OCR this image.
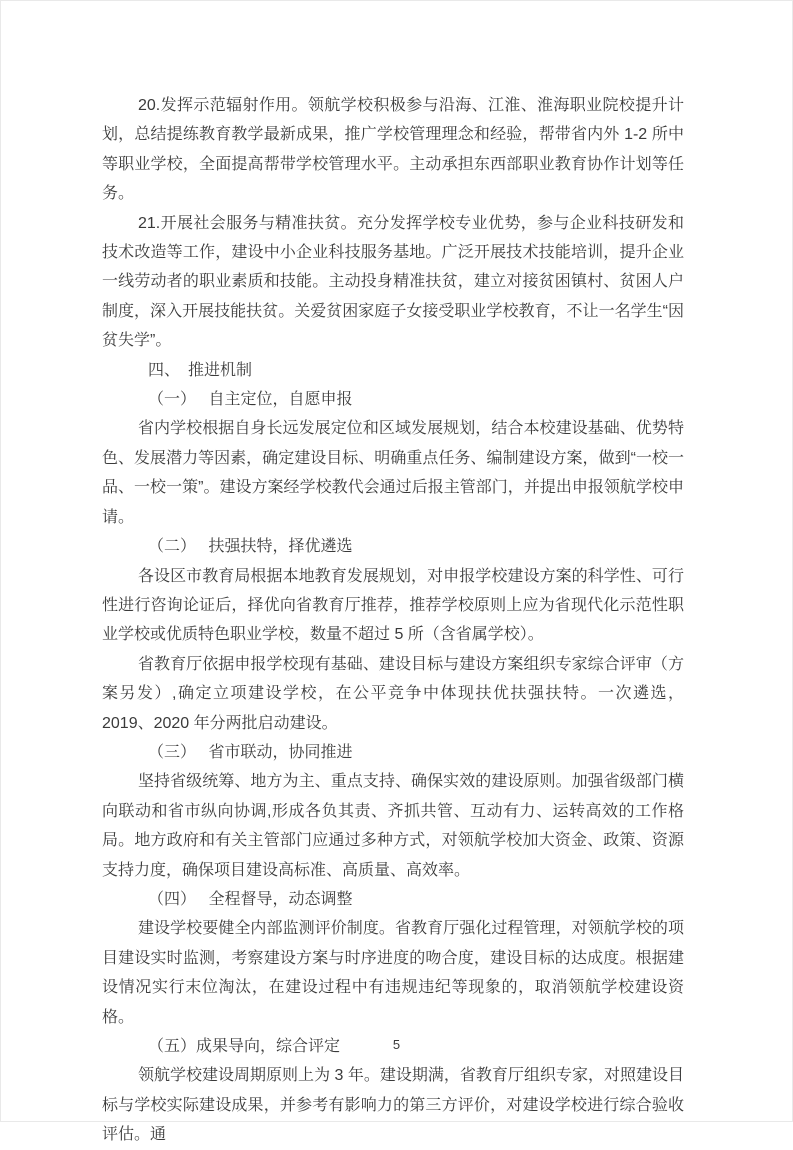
20.发挥示范辐射作用。领航学校积极参与沿海、江淮、淮海职业院校提升计划，总结提练教育教学最新成果，推广学校管理理念和经验，帮带省内外 1-2 所中等职业学校，全面提高帮带学校管理水平。主动承担东西部职业教育协作计划等任务。

21.开展社会服务与精准扶贫。充分发挥学校专业优势，参与企业科技研发和技术改造等工作，建设中小企业科技服务基地。广泛开展技术技能培训，提升企业一线劳动者的职业素质和技能。主动投身精准扶贫，建立对接贫困镇村、贫困人户制度，深入开展技能扶贫。关爱贫困家庭子女接受职业学校教育，不让一名学生“因贫失学”。

四、　推进机制

（一）　 自主定位，自愿申报

省内学校根据自身长远发展定位和区域发展规划，结合本校建设基础、优势特色、发展潜力等因素，确定建设目标、明确重点任务、编制建设方案，做到“一校一品、一校一策”。建设方案经学校教代会通过后报主管部门，并提出申报领航学校申请。

（二）　 扶强扶特，择优遴选

各设区市教育局根据本地教育发展规划，对申报学校建设方案的科学性、可行性进行咨询论证后，择优向省教育厅推荐，推荐学校原则上应为省现代化示范性职业学校或优质特色职业学校，数量不超过 5 所（含省属学校）。

省教育厅依据申报学校现有基础、建设目标与建设方案组织专家综合评审（方案另发）,确定立项建设学校，在公平竞争中体现扶优扶强扶特。一次遴选，2019、2020 年分两批启动建设。

（三）　 省市联动，协同推进

坚持省级统筹、地方为主、重点支持、确保实效的建设原则。加强省级部门横向联动和省市纵向协调,形成各负其责、齐抓共管、互动有力、运转高效的工作格局。地方政府和有关主管部门应通过多种方式，对领航学校加大资金、政策、资源支持力度，确保项目建设高标准、高质量、高效率。

（四）　 全程督导，动态调整

建设学校要健全内部监测评价制度。省教育厅强化过程管理，对领航学校的项目建设实时监测，考察建设方案与时序进度的吻合度，建设目标的达成度。根据建设情况实行末位淘汰，在建设过程中有违规违纪等现象的，取消领航学校建设资格。

（五）成果导向，综合评定

领航学校建设周期原则上为 3 年。建设期满，省教育厅组织专家，对照建设目标与学校实际建设成果，并参考有影响力的第三方评价，对建设学校进行综合验收评估。通

5
